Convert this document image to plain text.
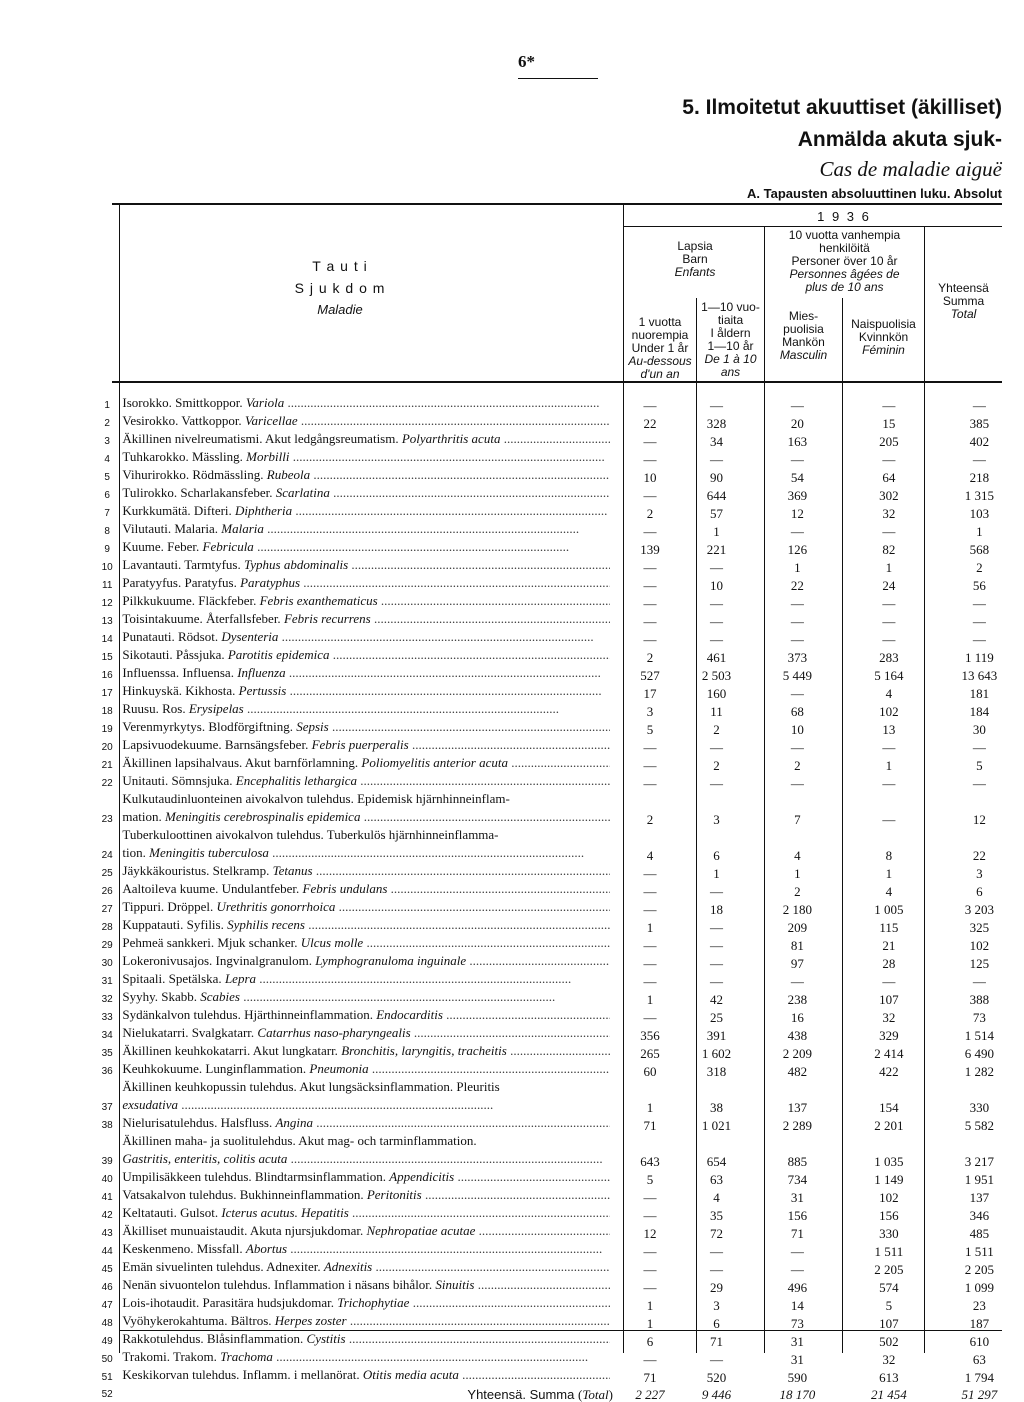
6*
5. Ilmoitetut akuuttiset (äkilliset)
Anmälda akuta sjuk-
Cas de maladie aiguë
A. Tapausten absoluuttinen luku. Absolut
T a u t i
S j u k d o m
Maladie
1 9 3 6
Lapsia
Barn
Enfants
1 vuotta
nuorempia
Under 1 år
Au-dessous
d'un an
1—10 vuo-
tiaita
I åldern
1—10 år
De 1 à 10
ans
10 vuotta vanhempia
henkilöitä
Personer över 10 år
Personnes âgées de
plus de 10 ans
Mies-
puolisia
Mankön
Masculin
Naispuolisia
Kvinnkön
Féminin
Yhteensä
Summa
Total
1	Isorokko. Smittkoppor. Variola .....	—	—	—	—	—
2	Vesirokko. Vattkoppor. Varicellae .....	22	328	20	15	385
3	Äkillinen nivelreumatismi. Akut ledgångsreumatism. Polyarthritis acuta .....	—	34	163	205	402
4	Tuhkarokko. Mässling. Morbilli .....	—	—	—	—	—
5	Vihurirokko. Rödmässling. Rubeola .....	10	90	54	64	218
6	Tulirokko. Scharlakansfeber. Scarlatina .....	—	644	369	302	1 315
7	Kurkkumätä. Difteri. Diphtheria .....	2	57	12	32	103
8	Vilutauti. Malaria. Malaria .....	—	1	—	—	1
9	Kuume. Feber. Febricula .....	139	221	126	82	568
10	Lavantauti. Tarmtyfus. Typhus abdominalis .....	—	—	1	1	2
11	Paratyyfus. Paratyfus. Paratyphus .....	—	10	22	24	56
12	Pilkkukuume. Fläckfeber. Febris exanthematicus .....	—	—	—	—	—
13	Toisintakuume. Återfallsfeber. Febris recurrens .....	—	—	—	—	—
14	Punatauti. Rödsot. Dysenteria .....	—	—	—	—	—
15	Sikotauti. Påssjuka. Parotitis epidemica .....	2	461	373	283	1 119
16	Influenssa. Influensa. Influenza .....	527	2 503	5 449	5 164	13 643
17	Hinkuyskä. Kikhosta. Pertussis .....	17	160	—	4	181
18	Ruusu. Ros. Erysipelas .....	3	11	68	102	184
19	Verenmyrkytys. Blodförgiftning. Sepsis .....	5	2	10	13	30
20	Lapsivuodekuume. Barnsängsfeber. Febris puerperalis .....	—	—	—	—	—
21	Äkillinen lapsihalvaus. Akut barnförlamning. Poliomyelitis anterior acuta .....	—	2	2	1	5
22	Unitauti. Sömnsjuka. Encephalitis lethargica .....	—	—	—	—	—
	Kulkutaudinluonteinen aivokalvon tulehdus. Epidemisk hjärnhinneinflam-					
23	mation. Meningitis cerebrospinalis epidemica .....	2	3	7	—	12
	Tuberkuloottinen aivokalvon tulehdus. Tuberkulös hjärnhinneinflamma-					
24	tion. Meningitis tuberculosa .....	4	6	4	8	22
25	Jäykkäkouristus. Stelkramp. Tetanus .....	—	1	1	1	3
26	Aaltoileva kuume. Undulantfeber. Febris undulans .....	—	—	2	4	6
27	Tippuri. Dröppel. Urethritis gonorrhoica .....	—	18	2 180	1 005	3 203
28	Kuppatauti. Syfilis. Syphilis recens .....	1	—	209	115	325
29	Pehmeä sankkeri. Mjuk schanker. Ulcus molle .....	—	—	81	21	102
30	Lokeronivusajos. Ingvinalgranulom. Lymphogranuloma inguinale .....	—	—	97	28	125
31	Spitaali. Spetälska. Lepra .....	—	—	—	—	—
32	Syyhy. Skabb. Scabies .....	1	42	238	107	388
33	Sydänkalvon tulehdus. Hjärthinneinflammation. Endocarditis .....	—	25	16	32	73
34	Nielukatarri. Svalgkatarr. Catarrhus naso-pharyngealis .....	356	391	438	329	1 514
35	Äkillinen keuhkokatarri. Akut lungkatarr. Bronchitis, laryngitis, tracheitis .....	265	1 602	2 209	2 414	6 490
36	Keuhkokuume. Lunginflammation. Pneumonia .....	60	318	482	422	1 282
	Äkillinen keuhkopussin tulehdus. Akut lungsäcksinflammation. Pleuritis					
37	exsudativa .....	1	38	137	154	330
38	Nielurisatulehdus. Halsfluss. Angina .....	71	1 021	2 289	2 201	5 582
	Äkillinen maha- ja suolitulehdus. Akut mag- och tarminflammation.					
39	Gastritis, enteritis, colitis acuta .....	643	654	885	1 035	3 217
40	Umpilisäkkeen tulehdus. Blindtarmsinflammation. Appendicitis .....	5	63	734	1 149	1 951
41	Vatsakalvon tulehdus. Bukhinneinflammation. Peritonitis .....	—	4	31	102	137
42	Keltatauti. Gulsot. Icterus acutus. Hepatitis .....	—	35	156	156	346
43	Äkilliset munuaistaudit. Akuta njursjukdomar. Nephropatiae acutae .....	12	72	71	330	485
44	Keskenmeno. Missfall. Abortus .....	—	—	—	1 511	1 511
45	Emän sivuelinten tulehdus. Adnexiter. Adnexitis .....	—	—	—	2 205	2 205
46	Nenän sivuontelon tulehdus. Inflammation i näsans bihålor. Sinuitis .....	—	29	496	574	1 099
47	Lois-ihotaudit. Parasitära hudsjukdomar. Trichophytiae .....	1	3	14	5	23
48	Vyöhykerokahtuma. Bältros. Herpes zoster .....	1	6	73	107	187
49	Rakkotulehdus. Blåsinflammation. Cystitis .....	6	71	31	502	610
50	Trakomi. Trakom. Trachoma .....	—	—	31	32	63
51	Keskikorvan tulehdus. Inflamm. i mellanörat. Otitis media acuta .....	71	520	590	613	1 794
52	Yhteensä. Summa (Total)	2 227	9 446	18 170	21 454	51 297
